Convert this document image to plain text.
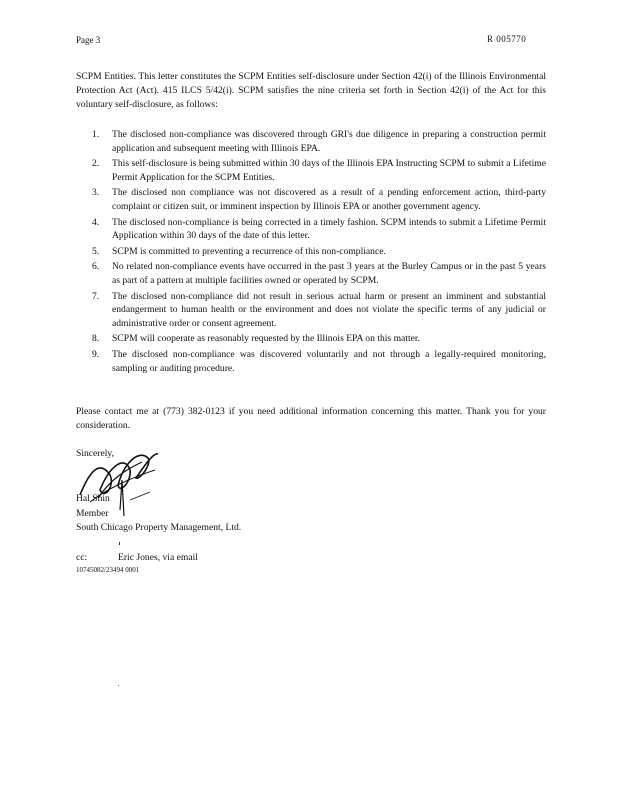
Page 3	R 005770
SCPM Entities. This letter constitutes the SCPM Entities self-disclosure under Section 42(i) of the Illinois Environmental Protection Act (Act). 415 ILCS 5/42(i). SCPM satisfies the nine criteria set forth in Section 42(i) of the Act for this voluntary self-disclosure, as follows:
1. The disclosed non-compliance was discovered through GRI's due diligence in preparing a construction permit application and subsequent meeting with Illinois EPA.
2. This self-disclosure is being submitted within 30 days of the Illinois EPA Instructing SCPM to submit a Lifetime Permit Application for the SCPM Entities.
3. The disclosed non compliance was not discovered as a result of a pending enforcement action, third-party complaint or citizen suit, or imminent inspection by Illinois EPA or another government agency.
4. The disclosed non-compliance is being corrected in a timely fashion. SCPM intends to submit a Lifetime Permit Application within 30 days of the date of this letter.
5. SCPM is committed to preventing a recurrence of this non-compliance.
6. No related non-compliance events have occurred in the past 3 years at the Burley Campus or in the past 5 years as part of a pattern at multiple facilities owned or operated by SCPM.
7. The disclosed non-compliance did not result in serious actual harm or present an imminent and substantial endangerment to human health or the environment and does not violate the specific terms of any judicial or administrative order or consent agreement.
8. SCPM will cooperate as reasonably requested by the Illinois EPA on this matter.
9. The disclosed non-compliance was discovered voluntarily and not through a legally-required monitoring, sampling or auditing procedure.
Please contact me at (773) 382-0123 if you need additional information concerning this matter. Thank you for your consideration.
Sincerely,
Hal Shin
Member
South Chicago Property Management, Ltd.
cc:	Eric Jones, via email
10745082/23494 0001
